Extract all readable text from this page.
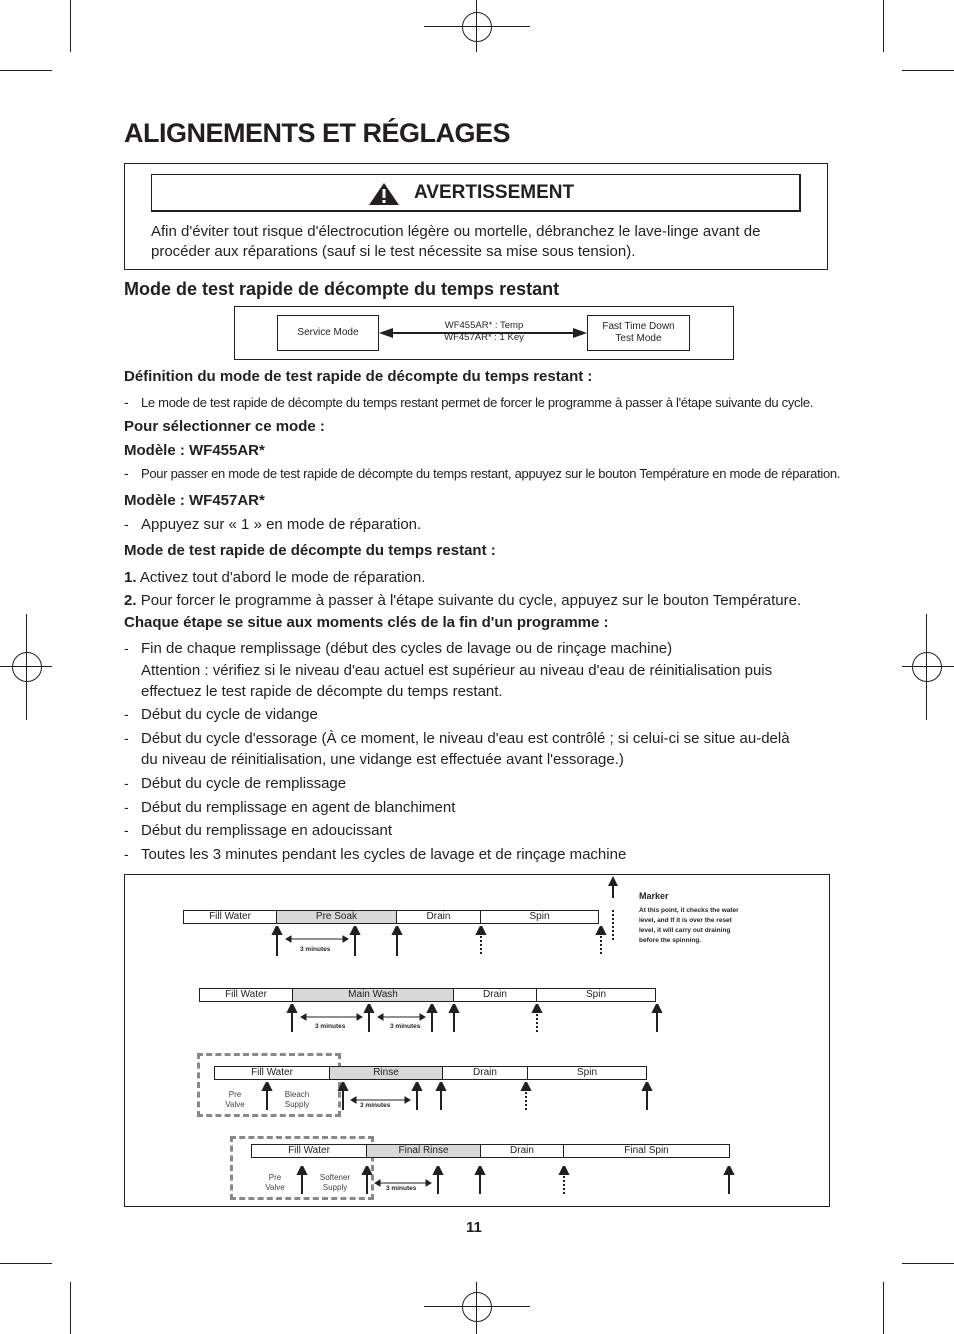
ALIGNEMENTS ET RÉGLAGES
AVERTISSEMENT
Afin d'éviter tout risque d'électrocution légère ou mortelle, débranchez le lave-linge avant de procéder aux réparations (sauf si le test nécessite sa mise sous tension).
Mode de test rapide de décompte du temps restant
Service Mode
Fast Time Down
Test Mode
WF455AR* : Temp
WF457AR* : 1 Key
Définition du mode de test rapide de décompte du temps restant :
- Le mode de test rapide de décompte du temps restant permet de forcer le programme à passer à l'étape suivante du cycle.
Pour sélectionner ce mode :
Modèle : WF455AR*
- Pour passer en mode de test rapide de décompte du temps restant, appuyez sur le bouton Température en mode de réparation.
Modèle : WF457AR*
- Appuyez sur « 1 » en mode de réparation.
Mode de test rapide de décompte du temps restant :
1. Activez tout d'abord le mode de réparation.
2. Pour forcer le programme à passer à l'étape suivante du cycle, appuyez sur le bouton Température.
Chaque étape se situe aux moments clés de la fin d'un programme :
- Fin de chaque remplissage (début des cycles de lavage ou de rinçage machine)
Attention : vérifiez si le niveau d'eau actuel est supérieur au niveau d'eau de réinitialisation puis
effectuez le test rapide de décompte du temps restant.
- Début du cycle de vidange
- Début du cycle d'essorage (À ce moment, le niveau d'eau est contrôlé ; si celui-ci se situe au-delà
du niveau de réinitialisation, une vidange est effectuée avant l'essorage.)
- Début du cycle de remplissage
- Début du remplissage en agent de blanchiment
- Début du remplissage en adoucissant
- Toutes les 3 minutes pendant les cycles de lavage et de rinçage machine
Marker
At this point, it checks the water
level, and If it is over the reset
level, it will carry out draining
before the spinning.
Fill Water	Pre Soak	Drain	Spin
3 minutes
Fill Water	Main Wash	Drain	Spin
3 minutes	3 minutes
Fill Water	Rinse	Drain	Spin
Pre
Valve
Bleach
Supply	3 minutes
Fill Water	Final Rinse	Drain	Final Spin
Pre
Valve
Softener
Supply	3 minutes
11
